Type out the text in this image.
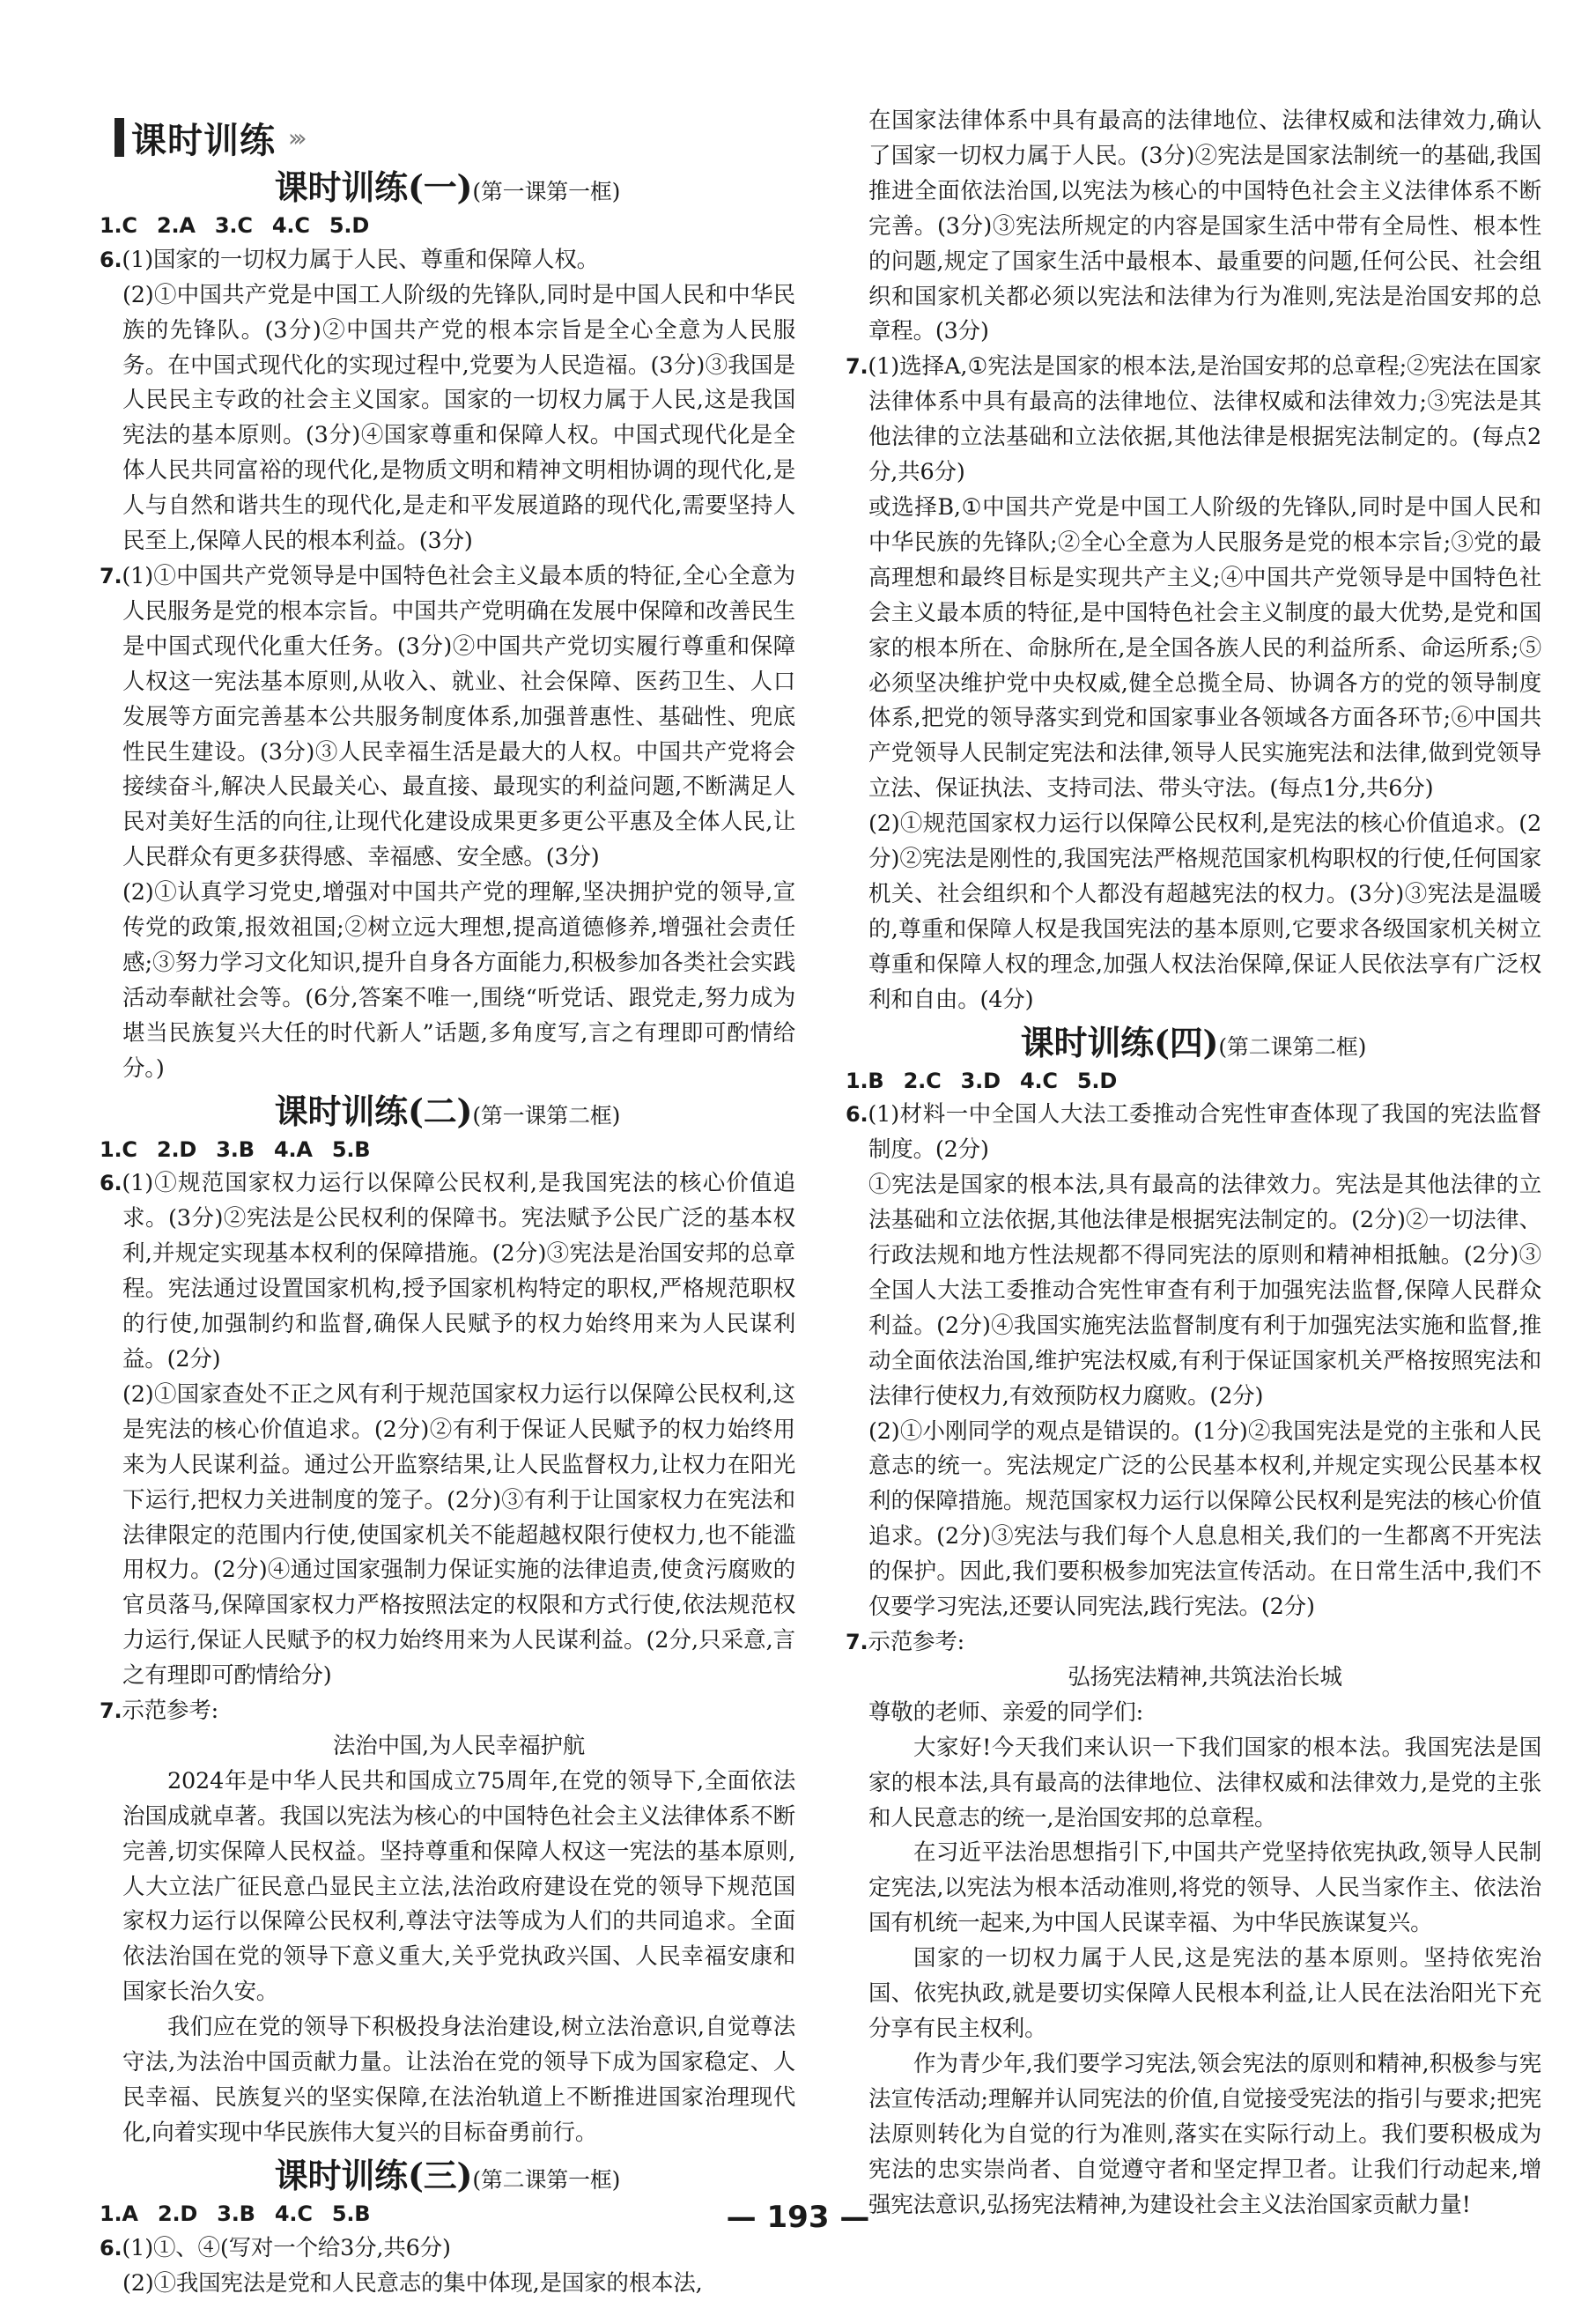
课时训练 ›››
课时训练(一)(第一课第一框)
1.C 2.A 3.C 4.C 5.D
6.(1)国家的一切权力属于人民、尊重和保障人权。
(2)①中国共产党是中国工人阶级的先锋队,同时是中国人民和中华民族的先锋队。(3分)②中国共产党的根本宗旨是全心全意为人民服务。在中国式现代化的实现过程中,党要为人民造福。(3分)③我国是人民民主专政的社会主义国家。国家的一切权力属于人民,这是我国宪法的基本原则。(3分)④国家尊重和保障人权。中国式现代化是全体人民共同富裕的现代化,是物质文明和精神文明相协调的现代化,是人与自然和谐共生的现代化,是走和平发展道路的现代化,需要坚持人民至上,保障人民的根本利益。(3分)
7.(1)①中国共产党领导是中国特色社会主义最本质的特征,全心全意为人民服务是党的根本宗旨。中国共产党明确在发展中保障和改善民生是中国式现代化重大任务。(3分)②中国共产党切实履行尊重和保障人权这一宪法基本原则,从收入、就业、社会保障、医药卫生、人口发展等方面完善基本公共服务制度体系,加强普惠性、基础性、兜底性民生建设。(3分)③人民幸福生活是最大的人权。中国共产党将会接续奋斗,解决人民最关心、最直接、最现实的利益问题,不断满足人民对美好生活的向往,让现代化建设成果更多更公平惠及全体人民,让人民群众有更多获得感、幸福感、安全感。(3分)
(2)①认真学习党史,增强对中国共产党的理解,坚决拥护党的领导,宣传党的政策,报效祖国;②树立远大理想,提高道德修养,增强社会责任感;③努力学习文化知识,提升自身各方面能力,积极参加各类社会实践活动奉献社会等。(6分,答案不唯一,围绕“听党话、跟党走,努力成为堪当民族复兴大任的时代新人”话题,多角度写,言之有理即可酌情给分。)
课时训练(二)(第一课第二框)
1.C 2.D 3.B 4.A 5.B
6.(1)①规范国家权力运行以保障公民权利,是我国宪法的核心价值追求。(3分)②宪法是公民权利的保障书。宪法赋予公民广泛的基本权利,并规定实现基本权利的保障措施。(2分)③宪法是治国安邦的总章程。宪法通过设置国家机构,授予国家机构特定的职权,严格规范职权的行使,加强制约和监督,确保人民赋予的权力始终用来为人民谋利益。(2分)
(2)①国家查处不正之风有利于规范国家权力运行以保障公民权利,这是宪法的核心价值追求。(2分)②有利于保证人民赋予的权力始终用来为人民谋利益。通过公开监察结果,让人民监督权力,让权力在阳光下运行,把权力关进制度的笼子。(2分)③有利于让国家权力在宪法和法律限定的范围内行使,使国家机关不能超越权限行使权力,也不能滥用权力。(2分)④通过国家强制力保证实施的法律追责,使贪污腐败的官员落马,保障国家权力严格按照法定的权限和方式行使,依法规范权力运行,保证人民赋予的权力始终用来为人民谋利益。(2分,只采意,言之有理即可酌情给分)
7.示范参考:
法治中国,为人民幸福护航
2024年是中华人民共和国成立75周年,在党的领导下,全面依法治国成就卓著。我国以宪法为核心的中国特色社会主义法律体系不断完善,切实保障人民权益。坚持尊重和保障人权这一宪法的基本原则,人大立法广征民意凸显民主立法,法治政府建设在党的领导下规范国家权力运行以保障公民权利,尊法守法等成为人们的共同追求。全面依法治国在党的领导下意义重大,关乎党执政兴国、人民幸福安康和国家长治久安。
我们应在党的领导下积极投身法治建设,树立法治意识,自觉尊法守法,为法治中国贡献力量。让法治在党的领导下成为国家稳定、人民幸福、民族复兴的坚实保障,在法治轨道上不断推进国家治理现代化,向着实现中华民族伟大复兴的目标奋勇前行。
课时训练(三)(第二课第一框)
1.A 2.D 3.B 4.C 5.B
6.(1)①、④(写对一个给3分,共6分)
(2)①我国宪法是党和人民意志的集中体现,是国家的根本法,
在国家法律体系中具有最高的法律地位、法律权威和法律效力,确认了国家一切权力属于人民。(3分)②宪法是国家法制统一的基础,我国推进全面依法治国,以宪法为核心的中国特色社会主义法律体系不断完善。(3分)③宪法所规定的内容是国家生活中带有全局性、根本性的问题,规定了国家生活中最根本、最重要的问题,任何公民、社会组织和国家机关都必须以宪法和法律为行为准则,宪法是治国安邦的总章程。(3分)
7.(1)选择A,①宪法是国家的根本法,是治国安邦的总章程;②宪法在国家法律体系中具有最高的法律地位、法律权威和法律效力;③宪法是其他法律的立法基础和立法依据,其他法律是根据宪法制定的。(每点2分,共6分)
或选择B,①中国共产党是中国工人阶级的先锋队,同时是中国人民和中华民族的先锋队;②全心全意为人民服务是党的根本宗旨;③党的最高理想和最终目标是实现共产主义;④中国共产党领导是中国特色社会主义最本质的特征,是中国特色社会主义制度的最大优势,是党和国家的根本所在、命脉所在,是全国各族人民的利益所系、命运所系;⑤必须坚决维护党中央权威,健全总揽全局、协调各方的党的领导制度体系,把党的领导落实到党和国家事业各领域各方面各环节;⑥中国共产党领导人民制定宪法和法律,领导人民实施宪法和法律,做到党领导立法、保证执法、支持司法、带头守法。(每点1分,共6分)
(2)①规范国家权力运行以保障公民权利,是宪法的核心价值追求。(2分)②宪法是刚性的,我国宪法严格规范国家机构职权的行使,任何国家机关、社会组织和个人都没有超越宪法的权力。(3分)③宪法是温暖的,尊重和保障人权是我国宪法的基本原则,它要求各级国家机关树立尊重和保障人权的理念,加强人权法治保障,保证人民依法享有广泛权利和自由。(4分)
课时训练(四)(第二课第二框)
1.B 2.C 3.D 4.C 5.D
6.(1)材料一中全国人大法工委推动合宪性审查体现了我国的宪法监督制度。(2分)
①宪法是国家的根本法,具有最高的法律效力。宪法是其他法律的立法基础和立法依据,其他法律是根据宪法制定的。(2分)②一切法律、行政法规和地方性法规都不得同宪法的原则和精神相抵触。(2分)③全国人大法工委推动合宪性审查有利于加强宪法监督,保障人民群众利益。(2分)④我国实施宪法监督制度有利于加强宪法实施和监督,推动全面依法治国,维护宪法权威,有利于保证国家机关严格按照宪法和法律行使权力,有效预防权力腐败。(2分)
(2)①小刚同学的观点是错误的。(1分)②我国宪法是党的主张和人民意志的统一。宪法规定广泛的公民基本权利,并规定实现公民基本权利的保障措施。规范国家权力运行以保障公民权利是宪法的核心价值追求。(2分)③宪法与我们每个人息息相关,我们的一生都离不开宪法的保护。因此,我们要积极参加宪法宣传活动。在日常生活中,我们不仅要学习宪法,还要认同宪法,践行宪法。(2分)
7.示范参考:
弘扬宪法精神,共筑法治长城
尊敬的老师、亲爱的同学们:
大家好!今天我们来认识一下我们国家的根本法。我国宪法是国家的根本法,具有最高的法律地位、法律权威和法律效力,是党的主张和人民意志的统一,是治国安邦的总章程。
在习近平法治思想指引下,中国共产党坚持依宪执政,领导人民制定宪法,以宪法为根本活动准则,将党的领导、人民当家作主、依法治国有机统一起来,为中国人民谋幸福、为中华民族谋复兴。
国家的一切权力属于人民,这是宪法的基本原则。坚持依宪治国、依宪执政,就是要切实保障人民根本利益,让人民在法治阳光下充分享有民主权利。
作为青少年,我们要学习宪法,领会宪法的原则和精神,积极参与宪法宣传活动;理解并认同宪法的价值,自觉接受宪法的指引与要求;把宪法原则转化为自觉的行为准则,落实在实际行动上。我们要积极成为宪法的忠实崇尚者、自觉遵守者和坚定捍卫者。让我们行动起来,增强宪法意识,弘扬宪法精神,为建设社会主义法治国家贡献力量!
— 193 —
